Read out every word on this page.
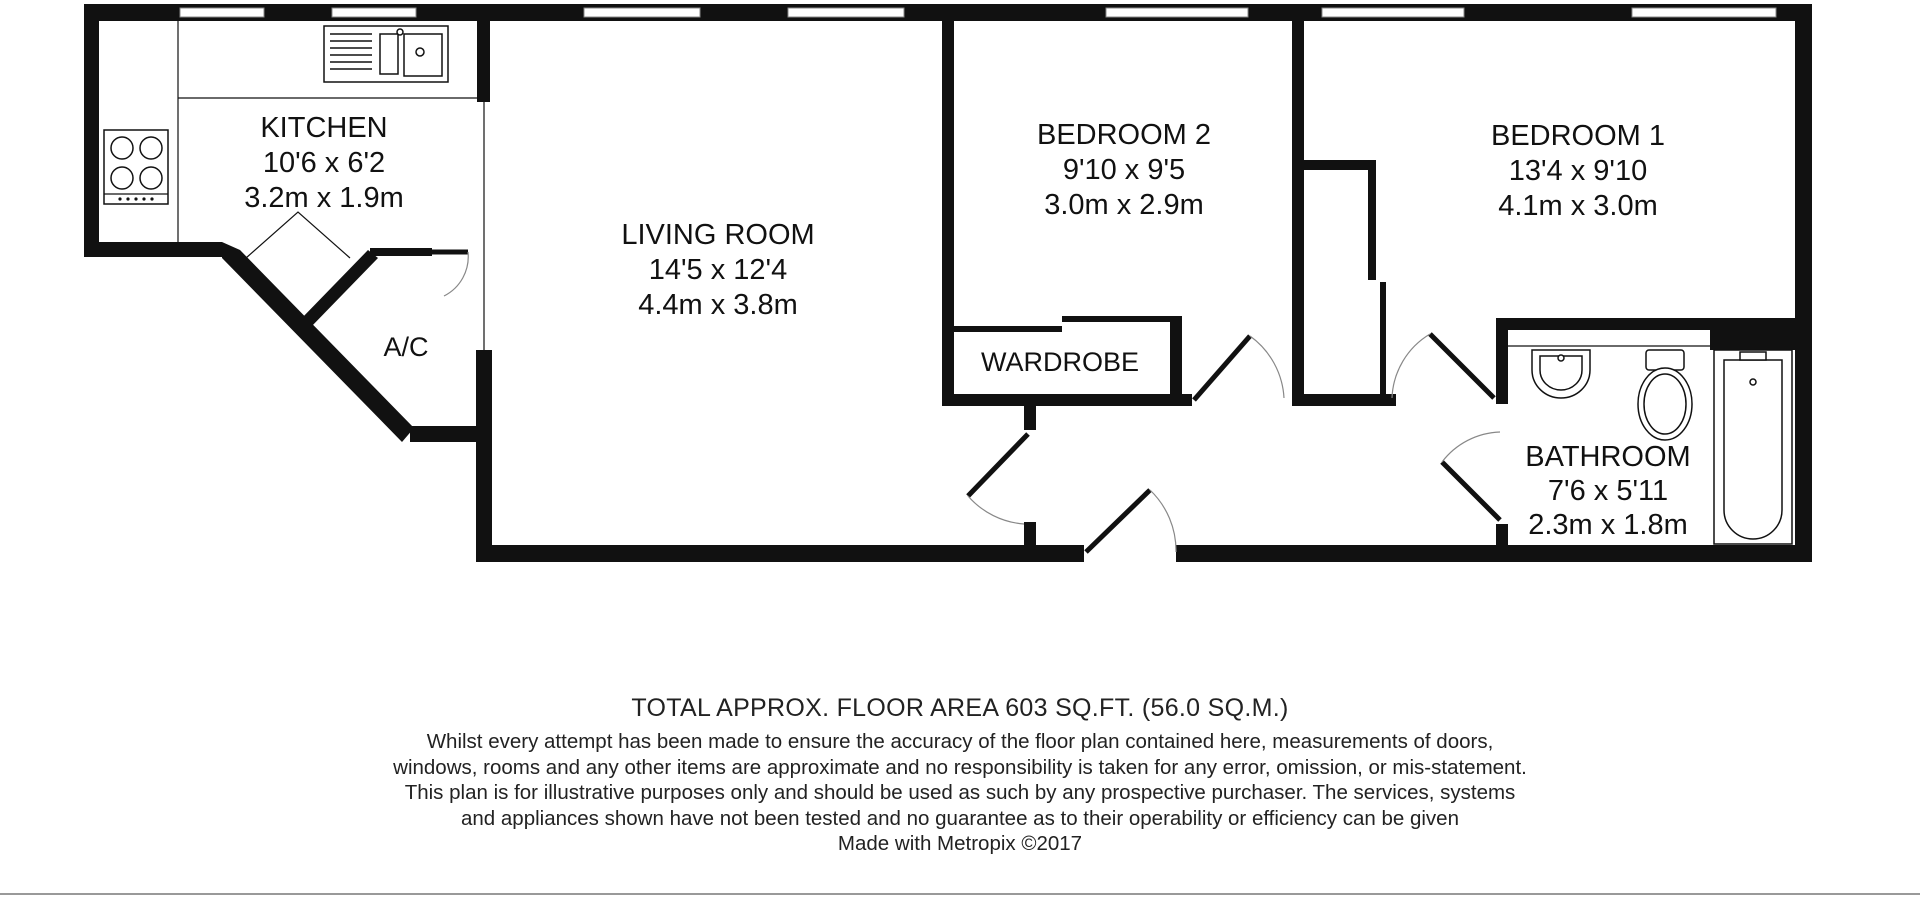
KITCHEN
10'6 x 6'2
3.2m x 1.9m
LIVING ROOM
14'5 x 12'4
4.4m x 3.8m
BEDROOM 2
9'10 x 9'5
3.0m x 2.9m
BEDROOM 1
13'4 x 9'10
4.1m x 3.0m
BATHROOM
7'6 x 5'11
2.3m x 1.8m
A/C	WARDROBE
TOTAL APPROX. FLOOR AREA 603 SQ.FT. (56.0 SQ.M.)
Whilst every attempt has been made to ensure the accuracy of the floor plan contained here, measurements of doors, windows, rooms and any other items are approximate and no responsibility is taken for any error, omission, or mis-statement. This plan is for illustrative purposes only and should be used as such by any prospective purchaser. The services, systems and appliances shown have not been tested and no guarantee as to their operability or efficiency can be given
Made with Metropix ©2017
